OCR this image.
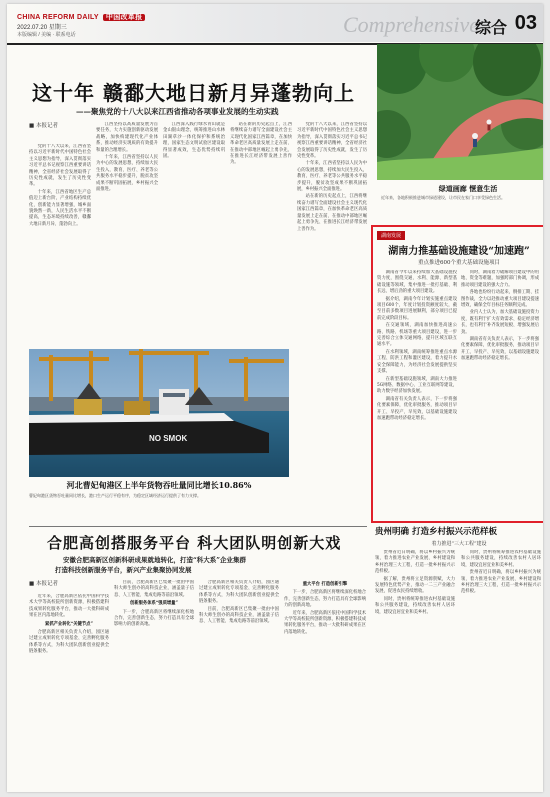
CHINA REFORM DAILY 中国改革报
2022.07.20 星期三
本版编辑 / 美编 · 联系电话	Comprehensive
综合 03
这十年 赣鄱大地日新月异蓬勃向上
——聚焦党的十八大以来江西省推动各项事业发展的生动实践
■ 本报记者

党的十八大以来，江西省坚持以习近平新时代中国特色社会主义思想为指导，深入贯彻落实习近平总书记视察江西重要讲话精神，全省经济社会发展取得了历史性成就，发生了历史性变革。

十年来，江西省地区生产总值迈上新台阶，产业结构持续优化，创新能力显著增强，城乡面貌焕然一新，人民生活水平不断提高，生态环境持续改善，赣鄱大地日新月异、蓬勃向上。

江西坚持以高质量发展为首要任务，大力实施创新驱动发展战略，加快构建现代化产业体系，推动经济实现质的有效提升和量的合理增长。

十年来，江西省坚持以人民为中心的发展思想，持续加大民生投入，教育、医疗、养老等公共服务水平稳步提升，脱贫攻坚成果不断巩固拓展，乡村振兴全面推进。

江西深入践行绿水青山就是金山银山理念，统筹推进山水林田湖草沙一体化保护和系统治理，国家生态文明试验区建设取得显著成效，生态优势持续巩固。

站在新的历史起点上，江西将继续奋力谱写全面建设社会主义现代化国家江西篇章，在加快革命老区高质量发展上走在前、在推动中部地区崛起上勇争先、在推进长江经济带发展上善作为。

党的十八大以来，江西省坚持以习近平新时代中国特色社会主义思想为指导，深入贯彻落实习近平总书记视察江西重要讲话精神，全省经济社会发展取得了历史性成就，发生了历史性变革。

十年来，江西省坚持以人民为中心的发展思想，持续加大民生投入，教育、医疗、养老等公共服务水平稳步提升，脱贫攻坚成果不断巩固拓展，乡村振兴全面推进。

站在新的历史起点上，江西将继续奋力谱写全面建设社会主义现代化国家江西篇章，在加快革命老区高质量发展上走在前、在推动中部地区崛起上勇争先、在推进长江经济带发展上善作为。

NO SMOK
河北曹妃甸港区上半年货物吞吐量同比增长10.86%
曹妃甸港区货物吞吐量同比增长，港口生产运行平稳有序，为稳定区域经济运行提供了有力支撑。
绿道画廊 惬意生活
近年来，各地积极推进城市绿道建设，让市民在家门口享受绿色生活。
湖南发展
湖南力推基础设施建设“加速跑”
重点推进600个重大基础设施项目

湖南省今年以来持续加大基础设施投资力度，围绕交通、水利、能源、新型基础设施等领域，集中推进一批打基础、利长远、增后劲的重大项目建设。

据介绍，湖南今年计划实施重点建设项目600个，年度计划投资额度较大，截至目前多数项目进展顺利，部分项目已提前完成阶段目标。

在交通领域，湖南加快推进高速公路、铁路、机场等重大项目建设，进一步完善综合立体交通网络，提升区域互联互通水平。

在水利领域，湖南统筹推进重点水源工程、防洪工程和灌区建设，着力提升水安全保障能力，为经济社会发展提供坚实支撑。

在新型基础设施领域，湖南大力推进5G网络、数据中心、工业互联网等建设，助力数字经济加快发展。

湖南省有关负责人表示，下一步将强化要素保障，优化审批服务，推动项目早开工、早投产、早见效，以基础设施建设加速跑带动经济稳定增长。

同时，湖南着力破解项目建设中的用地、资金等难题，加强跨部门协调，形成推动项目建设的强大合力。

各地也纷纷行动起来，倒排工期、挂图作战，全力以赴推动重大项目建设提速增效，确保全年目标任务顺利完成。

业内人士认为，加大基础设施投资力度，既有利于扩大有效需求、稳定经济增长，也有利于补齐发展短板、增强发展后劲。

湖南省有关负责人表示，下一步将强化要素保障，优化审批服务，推动项目早开工、早投产、早见效，以基础设施建设加速跑带动经济稳定增长。

贵州明确 打造乡村振兴示范样板
着力推进“三大工程”建设

贵州省近日明确，将以乡村振兴为统领，着力推进农业产业发展、乡村建设和乡村治理三大工程，打造一批乡村振兴示范样板。

据了解，贵州将立足资源禀赋，大力发展特色优势产业，推动一二三产业融合发展，促进农民持续增收。

同时，贵州将统筹推进农村基础设施和公共服务建设，持续改善农村人居环境，建设宜居宜业和美乡村。

同时，贵州将统筹推进农村基础设施和公共服务建设，持续改善农村人居环境，建设宜居宜业和美乡村。

贵州省近日明确，将以乡村振兴为统领，着力推进农业产业发展、乡村建设和乡村治理三大工程，打造一批乡村振兴示范样板。

合肥高创搭服务平台 科大团队明创新大戏
安徽合肥高新区创新科研成果就地转化，打造“科大系”企业集群
打造科技创新服务平台，新兴产业集聚协同发展
■ 本报记者

近年来，合肥高新区依托中国科学技术大学等高校院所创新资源，积极搭建科技成果转化服务平台，推动一大批科研成果在区内落地转化。

紧抓产业转化“关键节点”

合肥高新区相关负责人介绍，园区通过建立成果转化专项基金、完善孵化服务体系等方式，为科大团队创新创业提供全链条服务。

目前，合肥高新区已集聚一批由中国科大师生创办的高科技企业，涵盖量子信息、人工智能、集成电路等前沿领域。

创新服务体系“强质增量”

下一步，合肥高新区将继续深化校地合作，完善创新生态，努力打造具有全球影响力的创新高地。

合肥高新区相关负责人介绍，园区通过建立成果转化专项基金、完善孵化服务体系等方式，为科大团队创新创业提供全链条服务。

目前，合肥高新区已集聚一批由中国科大师生创办的高科技企业，涵盖量子信息、人工智能、集成电路等前沿领域。

重大平台 打造创新引擎

下一步，合肥高新区将继续深化校地合作，完善创新生态，努力打造具有全球影响力的创新高地。

近年来，合肥高新区依托中国科学技术大学等高校院所创新资源，积极搭建科技成果转化服务平台，推动一大批科研成果在区内落地转化。
